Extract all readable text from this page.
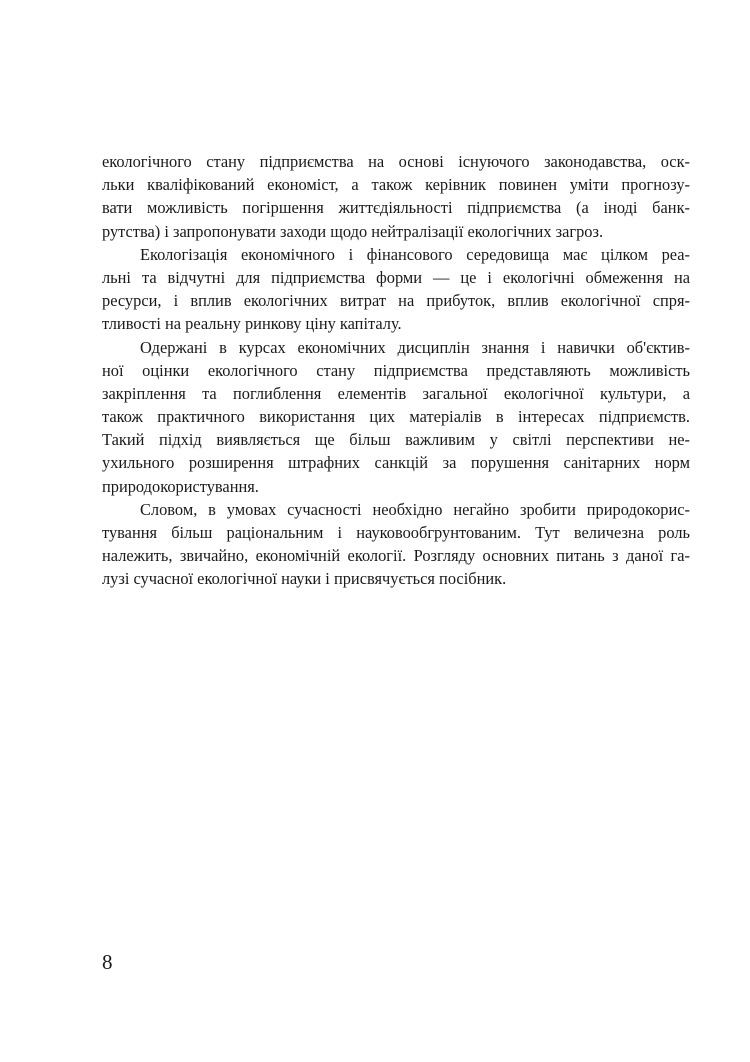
екологічного стану підприємства на основі існуючого законодавства, оск-
льки кваліфікований економіст, а також керівник повинен уміти прогнозу-
вати можливість погіршення життєдіяльності підприємства (а іноді банк-
рутства) і запропонувати заходи щодо нейтралізації екологічних загроз.

Екологізація економічного і фінансового середовища має цілком реа-
льні та відчутні для підприємства форми — це і екологічні обмеження на
ресурси, і вплив екологічних витрат на прибуток, вплив екологічної спря-
тливості на реальну ринкову ціну капіталу.

Одержані в курсах економічних дисциплін знання і навички об'єктив-
ної оцінки екологічного стану підприємства представляють можливість
закріплення та поглиблення елементів загальної екологічної культури, а
також практичного використання цих матеріалів в інтересах підприємств.
Такий підхід виявляється ще більш важливим у світлі перспективи не-
ухильного розширення штрафних санкцій за порушення санітарних норм
природокористування.

Словом, в умовах сучасності необхідно негайно зробити природокорис-
тування більш раціональним і науковообгрунтованим. Тут величезна роль
належить, звичайно, економічній екології. Розгляду основних питань з даної га-
лузі сучасної екологічної науки і присвячується посібник.

8
